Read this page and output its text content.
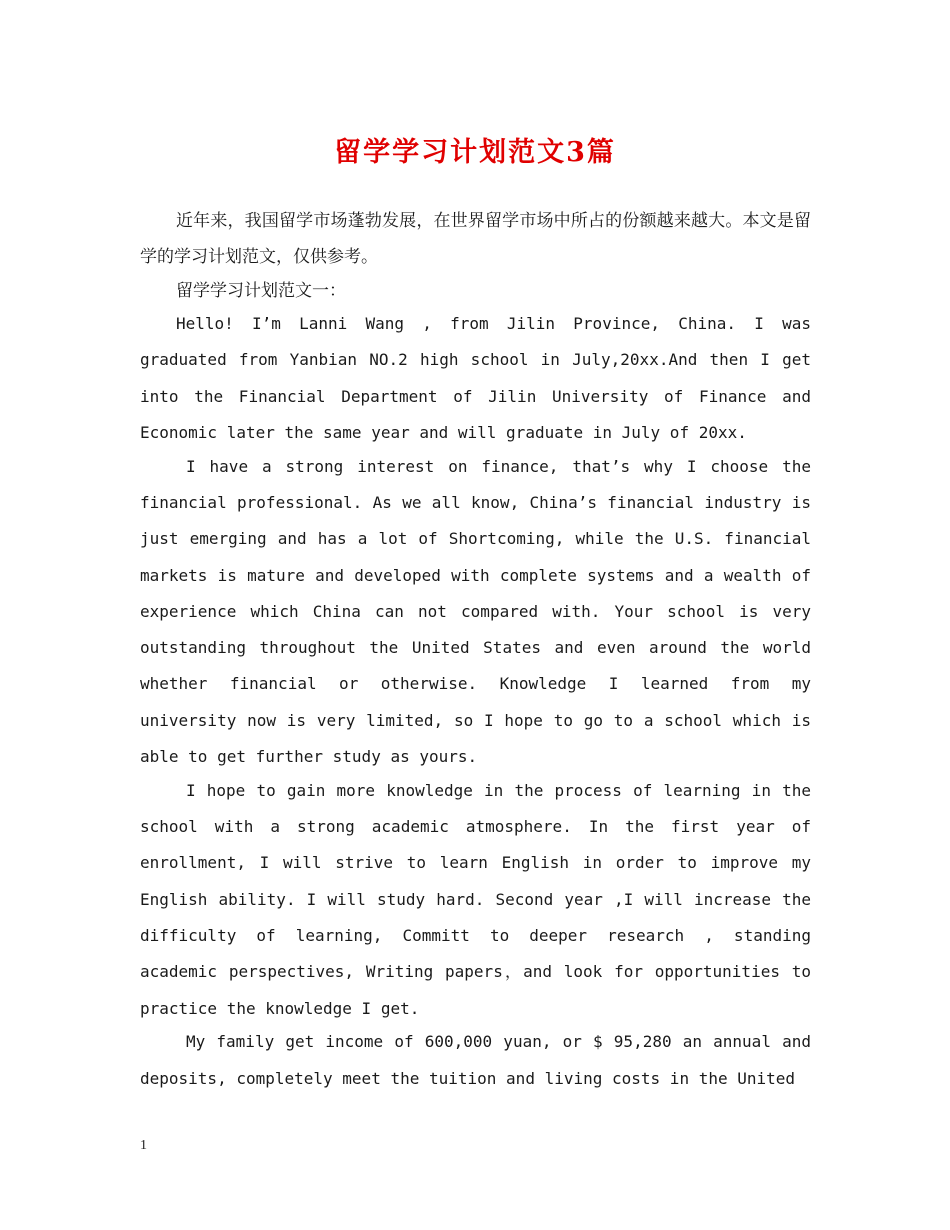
留学学习计划范文3篇

近年来，我国留学市场蓬勃发展，在世界留学市场中所占的份额越来越大。本文是留学的学习计划范文，仅供参考。

留学学习计划范文一：

Hello! I’m Lanni Wang , from Jilin Province, China. I was graduated from Yanbian NO.2 high school in July,20xx.And then I get into the Financial Department of Jilin University of Finance and Economic later the same year and will graduate in July of 20xx.

I have a strong interest on finance, that’s why I choose the financial professional. As we all know, China’s financial industry is just emerging and has a lot of Shortcoming, while the U.S. financial markets is mature and developed with complete systems and a wealth of experience which China can not compared with. Your school is very outstanding throughout the United States and even around the world whether financial or otherwise. Knowledge I learned from my university now is very limited, so I hope to go to a school which is able to get further study as yours.

I hope to gain more knowledge in the process of learning in the school with a strong academic atmosphere. In the first year of enrollment, I will strive to learn English in order to improve my English ability. I will study hard. Second year ,I will increase the difficulty of learning, Committ to deeper research , standing academic perspectives, Writing papers，and look for opportunities to practice the knowledge I get.

My family get income of 600,000 yuan, or $ 95,280 an annual and deposits, completely meet the tuition and living costs in the United

1
